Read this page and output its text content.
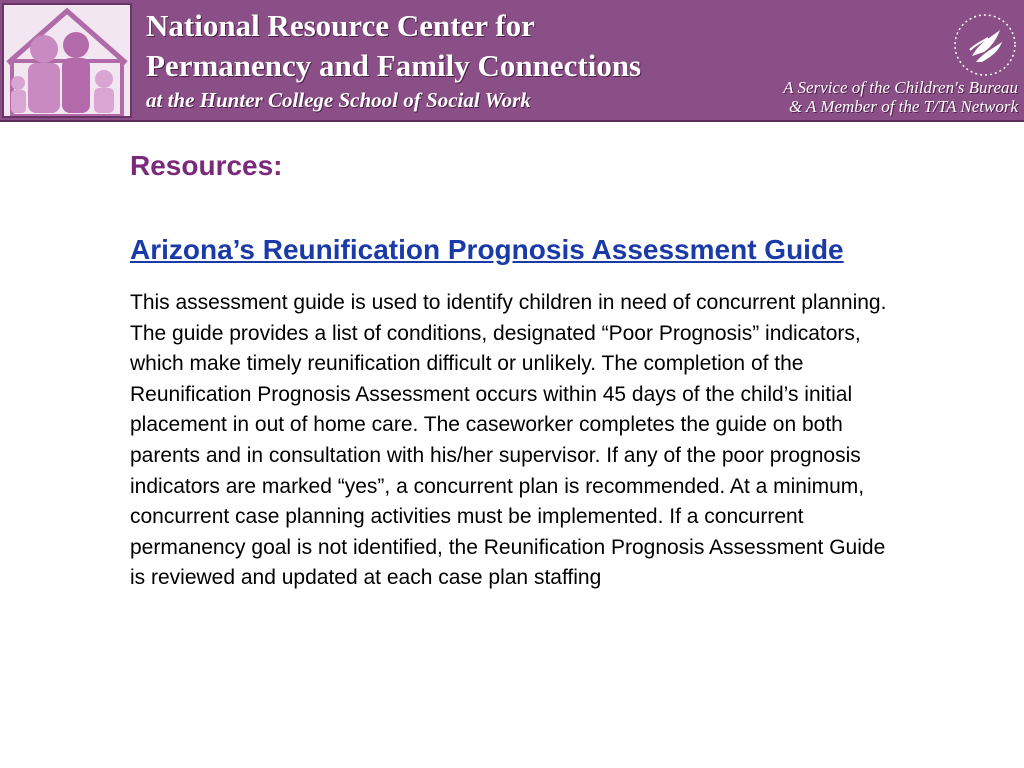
National Resource Center for
Permanency and Family Connections
at the Hunter College School of Social Work
A Service of the Children's Bureau
& A Member of the T/TA Network
Resources:
Arizona’s Reunification Prognosis Assessment Guide

This assessment guide is used to identify children in need of concurrent planning. The guide provides a list of conditions, designated “Poor Prognosis” indicators, which make timely reunification difficult or unlikely. The completion of the Reunification Prognosis Assessment occurs within 45 days of the child’s initial placement in out of home care. The caseworker completes the guide on both parents and in consultation with his/her supervisor. If any of the poor prognosis indicators are marked “yes”, a concurrent plan is recommended. At a minimum, concurrent case planning activities must be implemented. If a concurrent permanency goal is not identified, the Reunification Prognosis Assessment Guide is reviewed and updated at each case plan staffing
